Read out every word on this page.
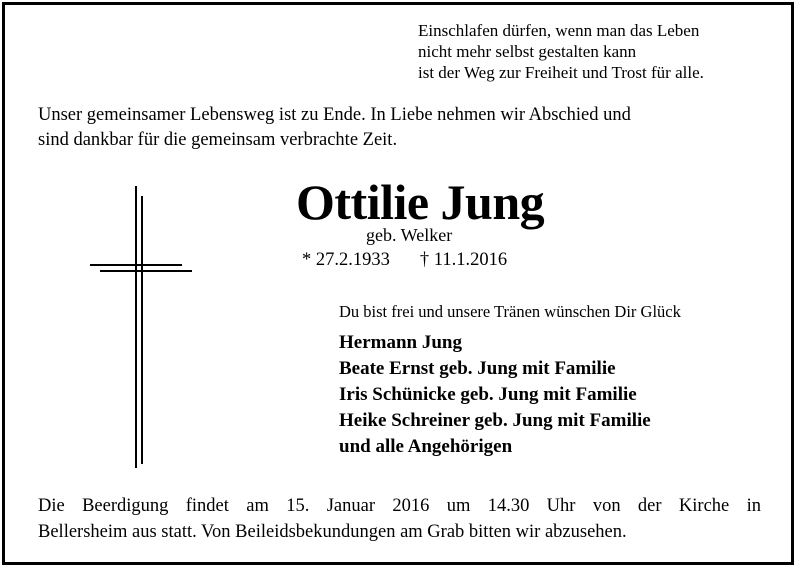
Einschlafen dürfen, wenn man das Leben
nicht mehr selbst gestalten kann
ist der Weg zur Freiheit und Trost für alle.
Unser gemeinsamer Lebensweg ist zu Ende. In Liebe nehmen wir Abschied und
sind dankbar für die gemeinsam verbrachte Zeit.
Ottilie Jung
geb. Welker
* 27.2.1933 † 11.1.2016
Du bist frei und unsere Tränen wünschen Dir Glück
Hermann Jung
Beate Ernst geb. Jung mit Familie
Iris Schünicke geb. Jung mit Familie
Heike Schreiner geb. Jung mit Familie
und alle Angehörigen
Die Beerdigung findet am 15. Januar 2016 um 14.30 Uhr von der Kirche in
Bellersheim aus statt. Von Beileidsbekundungen am Grab bitten wir abzusehen.
